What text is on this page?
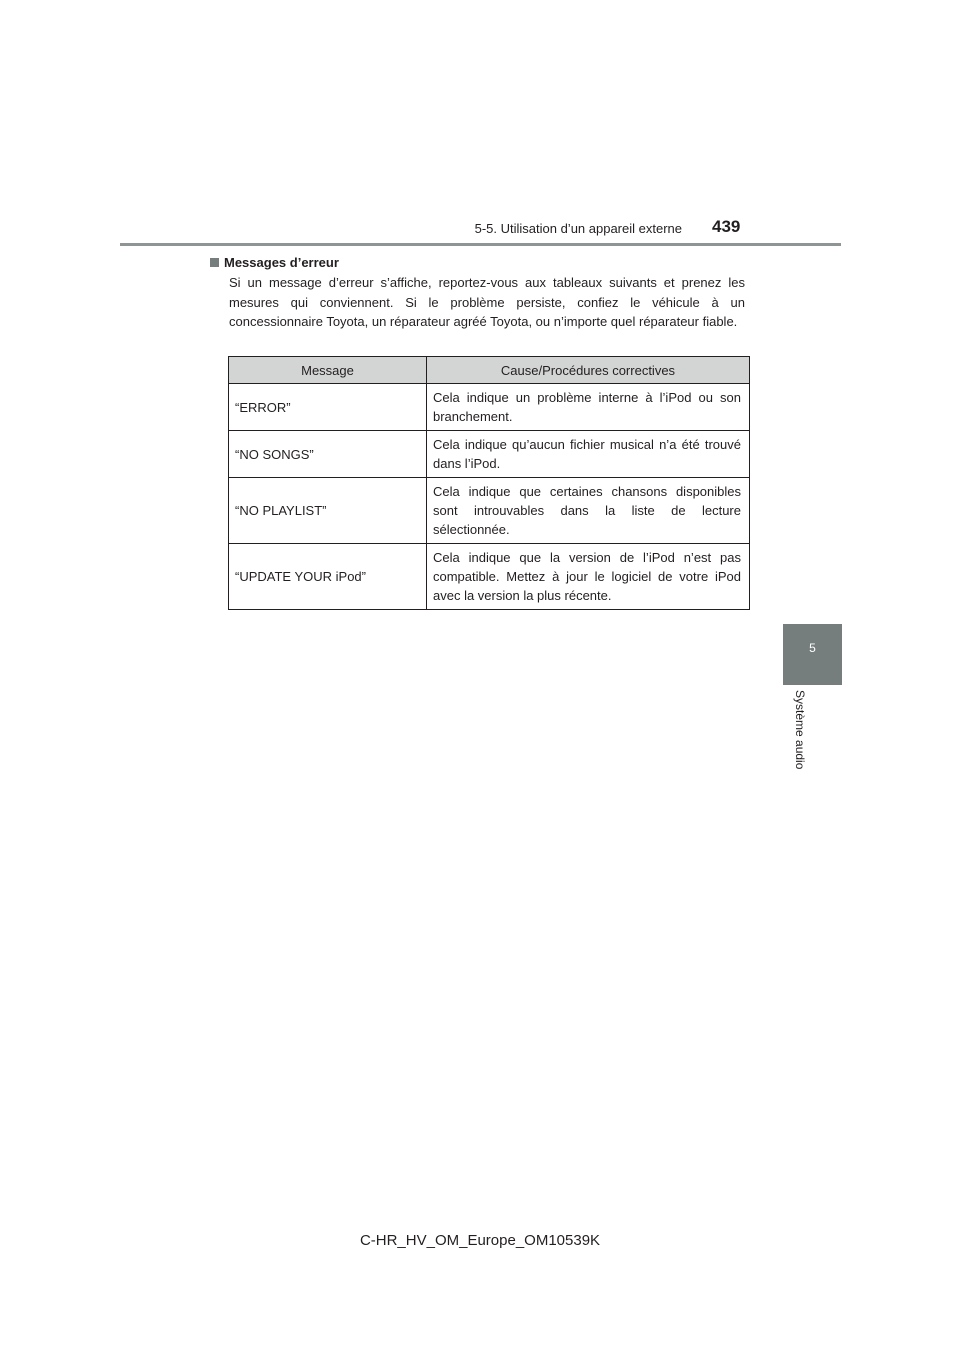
5-5. Utilisation d’un appareil externe 439
5
Système audio
Messages d’erreur
Si un message d’erreur s’affiche, reportez-vous aux tableaux suivants et prenez les mesures qui conviennent. Si le problème persiste, confiez le véhicule à un concessionnaire Toyota, un réparateur agréé Toyota, ou n’importe quel réparateur fiable.
Message	Cause/Procédures correctives
“ERROR”	Cela indique un problème interne à l’iPod ou son branchement.
“NO SONGS”	Cela indique qu’aucun fichier musical n’a été trouvé dans l’iPod.
“NO PLAYLIST”	Cela indique que certaines chansons disponibles sont introuvables dans la liste de lecture sélectionnée.
“UPDATE YOUR iPod”	Cela indique que la version de l’iPod n’est pas compatible. Mettez à jour le logiciel de votre iPod avec la version la plus récente.
C-HR_HV_OM_Europe_OM10539K
